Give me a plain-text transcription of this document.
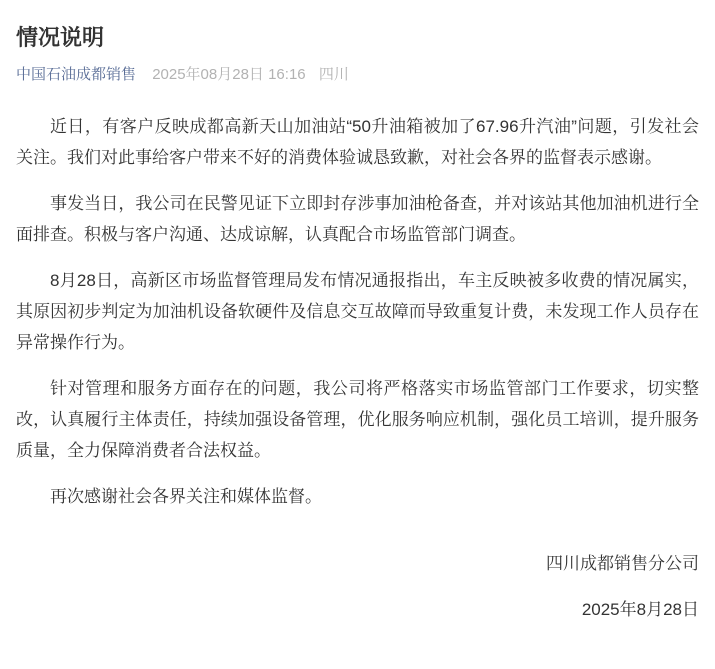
情况说明
中国石油成都销售 2025年08月28日 16:16 四川

近日，有客户反映成都高新天山加油站“50升油箱被加了67.96升汽油”问题，引发社会关注。我们对此事给客户带来不好的消费体验诚恳致歉，对社会各界的监督表示感谢。

事发当日，我公司在民警见证下立即封存涉事加油枪备查，并对该站其他加油机进行全面排查。积极与客户沟通、达成谅解，认真配合市场监管部门调查。

8月28日，高新区市场监督管理局发布情况通报指出，车主反映被多收费的情况属实，其原因初步判定为加油机设备软硬件及信息交互故障而导致重复计费，未发现工作人员存在异常操作行为。

针对管理和服务方面存在的问题，我公司将严格落实市场监管部门工作要求，切实整改，认真履行主体责任，持续加强设备管理，优化服务响应机制，强化员工培训，提升服务质量，全力保障消费者合法权益。

再次感谢社会各界关注和媒体监督。

四川成都销售分公司

2025年8月28日
